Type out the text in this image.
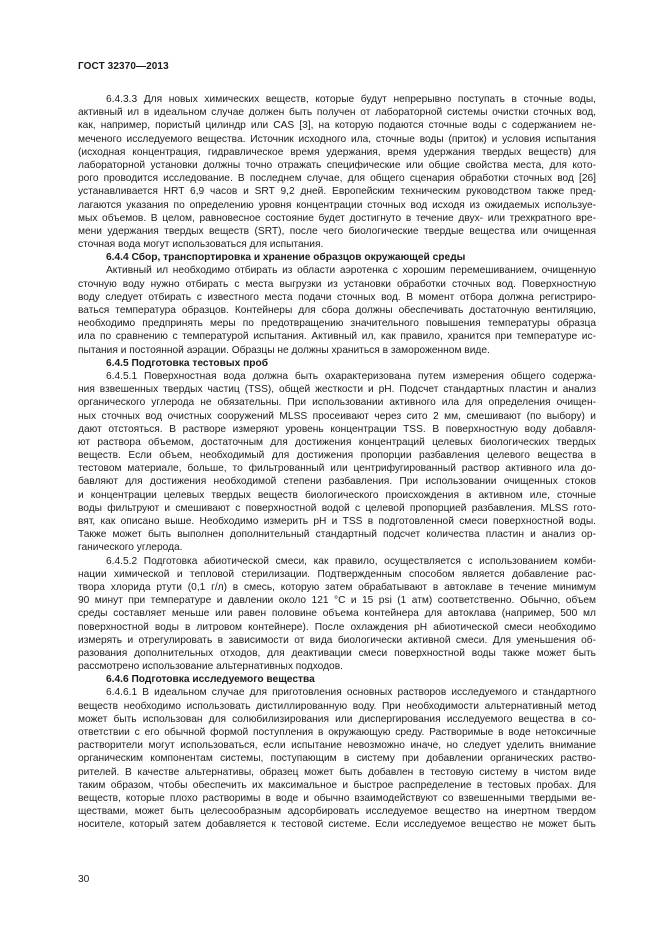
ГОСТ 32370—2013
6.4.3.3 Для новых химических веществ, которые будут непрерывно поступать в сточные воды,
активный ил в идеальном случае должен быть получен от лабораторной системы очистки сточных вод,
как, например, пористый цилиндр или CAS [3], на которую подаются сточные воды с содержанием не-
меченого исследуемого вещества. Источник исходного ила, сточные воды (приток) и условия испытания
(исходная концентрация, гидравлическое время удержания, время удержания твердых веществ) для
лабораторной установки должны точно отражать специфические или общие свойства места, для кото-
рого проводится исследование. В последнем случае, для общего сценария обработки сточных вод [26]
устанавливается HRT 6,9 часов и SRT 9,2 дней. Европейским техническим руководством также пред-
лагаются указания по определению уровня концентрации сточных вод исходя из ожидаемых используе-
мых объемов. В целом, равновесное состояние будет достигнуто в течение двух- или трехкратного вре-
мени удержания твердых веществ (SRT), после чего биологические твердые вещества или очищенная
сточная вода могут использоваться для испытания.
6.4.4 Сбор, транспортировка и хранение образцов окружающей среды
Активный ил необходимо отбирать из области аэротенка с хорошим перемешиванием, очищенную
сточную воду нужно отбирать с места выгрузки из установки обработки сточных вод. Поверхностную
воду следует отбирать с известного места подачи сточных вод. В момент отбора должна регистриро-
ваться температура образцов. Контейнеры для сбора должны обеспечивать достаточную вентиляцию,
необходимо предпринять меры по предотвращению значительного повышения температуры образца
ила по сравнению с температурой испытания. Активный ил, как правило, хранится при температуре ис-
пытания и постоянной аэрации. Образцы не должны храниться в замороженном виде.
6.4.5 Подготовка тестовых проб
6.4.5.1 Поверхностная вода должна быть охарактеризована путем измерения общего содержа-
ния взвешенных твердых частиц (TSS), общей жесткости и pH. Подсчет стандартных пластин и анализ
органического углерода не обязательны. При использовании активного ила для определения очищен-
ных сточных вод очистных сооружений MLSS просеивают через сито 2 мм, смешивают (по выбору) и
дают отстояться. В растворе измеряют уровень концентрации TSS. В поверхностную воду добавля-
ют раствора объемом, достаточным для достижения концентраций целевых биологических твердых
веществ. Если объем, необходимый для достижения пропорции разбавления целевого вещества в
тестовом материале, больше, то фильтрованный или центрифугированный раствор активного ила до-
бавляют для достижения необходимой степени разбавления. При использовании очищенных стоков
и концентрации целевых твердых веществ биологического происхождения в активном иле, сточные
воды фильтруют и смешивают с поверхностной водой с целевой пропорцией разбавления. MLSS гото-
вят, как описано выше. Необходимо измерить pH и TSS в подготовленной смеси поверхностной воды.
Также может быть выполнен дополнительный стандартный подсчет количества пластин и анализ ор-
ганического углерода.
6.4.5.2 Подготовка абиотической смеси, как правило, осуществляется с использованием комби-
нации химической и тепловой стерилизации. Подтвержденным способом является добавление рас-
твора хлорида ртути (0,1 г/л) в смесь, которую затем обрабатывают в автоклаве в течение минимум
90 минут при температуре и давлении около 121 °С и 15 psi (1 атм) соответственно. Обычно, объем
среды составляет меньше или равен половине объема контейнера для автоклава (например, 500 мл
поверхностной воды в литровом контейнере). После охлаждения pH абиотической смеси необходимо
измерять и отрегулировать в зависимости от вида биологически активной смеси. Для уменьшения об-
разования дополнительных отходов, для деактивации смеси поверхностной воды также может быть
рассмотрено использование альтернативных подходов.
6.4.6 Подготовка исследуемого вещества
6.4.6.1 В идеальном случае для приготовления основных растворов исследуемого и стандартного
веществ необходимо использовать дистиллированную воду. При необходимости альтернативный метод
может быть использован для солюбилизирования или диспергирования исследуемого вещества в со-
ответствии с его обычной формой поступления в окружающую среду. Растворимые в воде нетоксичные
растворители могут использоваться, если испытание невозможно иначе, но следует уделить внимание
органическим компонентам системы, поступающим в систему при добавлении органических раство-
рителей. В качестве альтернативы, образец может быть добавлен в тестовую систему в чистом виде
таким образом, чтобы обеспечить их максимальное и быстрое распределение в тестовых пробах. Для
веществ, которые плохо растворимы в воде и обычно взаимодействуют со взвешенными твердыми ве-
ществами, может быть целесообразным адсорбировать исследуемое вещество на инертном твердом
носителе, который затем добавляется к тестовой системе. Если исследуемое вещество не может быть
30
